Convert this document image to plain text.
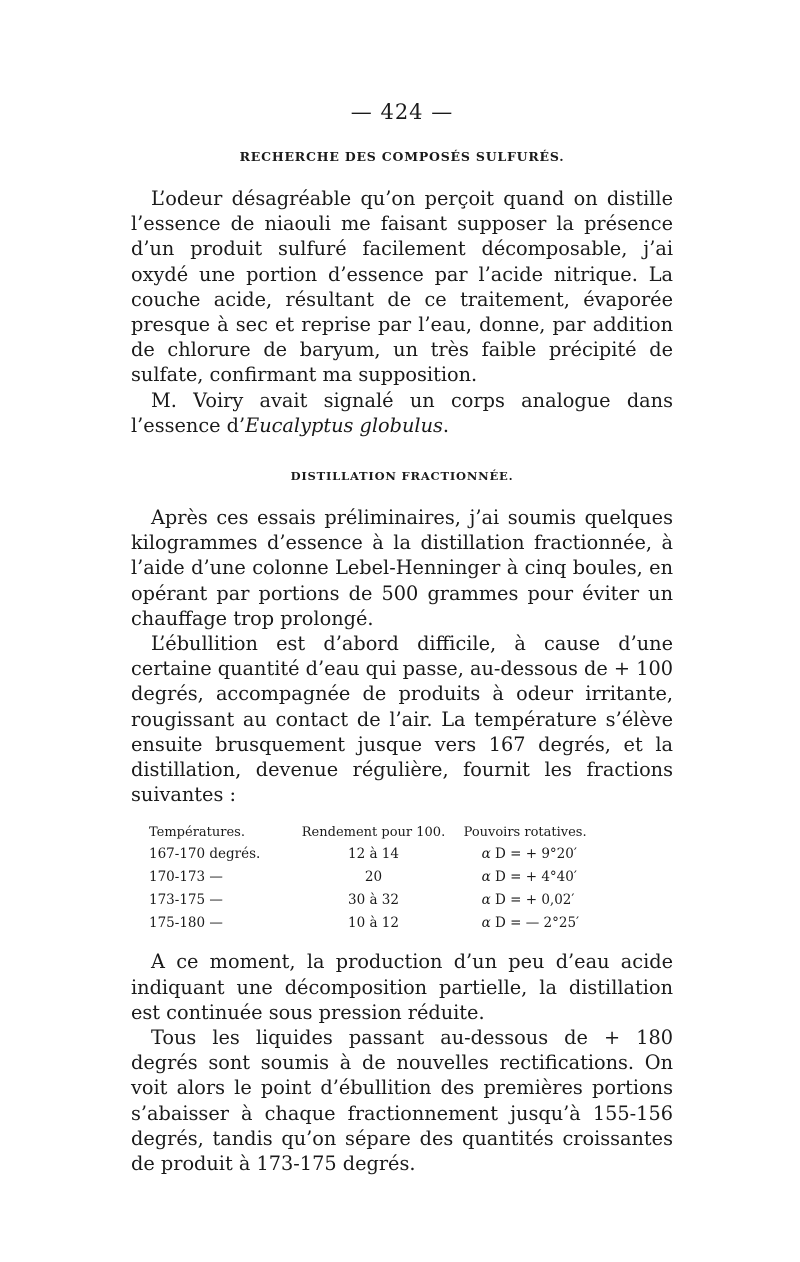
— 424 —
RECHERCHE DES COMPOSÉS SULFURÉS.

L’odeur désagréable qu’on perçoit quand on distille l’essence de niaouli me faisant supposer la présence d’un produit sulfuré facilement décomposable, j’ai oxydé une portion d’essence par l’acide nitrique. La couche acide, résultant de ce traitement, évaporée presque à sec et reprise par l’eau, donne, par addition de chlorure de baryum, un très faible précipité de sulfate, confirmant ma supposition.

M. Voiry avait signalé un corps analogue dans l’essence d’Eucalyptus globulus.

DISTILLATION FRACTIONNÉE.

Après ces essais préliminaires, j’ai soumis quelques kilogrammes d’essence à la distillation fractionnée, à l’aide d’une colonne Lebel-Henninger à cinq boules, en opérant par portions de 500 grammes pour éviter un chauffage trop prolongé.

L’ébullition est d’abord difficile, à cause d’une certaine quantité d’eau qui passe, au-dessous de + 100 degrés, accompagnée de produits à odeur irritante, rougissant au contact de l’air. La température s’élève ensuite brusquement jusque vers 167 degrés, et la distillation, devenue régulière, fournit les fractions suivantes :

Températures.	Rendement pour 100.	Pouvoirs rotatives.
167-170 degrés.	12 à 14	α D = + 9°20′
170-173 —	20	α D = + 4°40′
173-175 —	30 à 32	α D = + 0,02′
175-180 —	10 à 12	α D = — 2°25′

A ce moment, la production d’un peu d’eau acide indiquant une décomposition partielle, la distillation est continuée sous pression réduite.

Tous les liquides passant au-dessous de + 180 degrés sont soumis à de nouvelles rectifications. On voit alors le point d’ébullition des premières portions s’abaisser à chaque fractionnement jusqu’à 155-156 degrés, tandis qu’on sépare des quantités croissantes de produit à 173-175 degrés.
